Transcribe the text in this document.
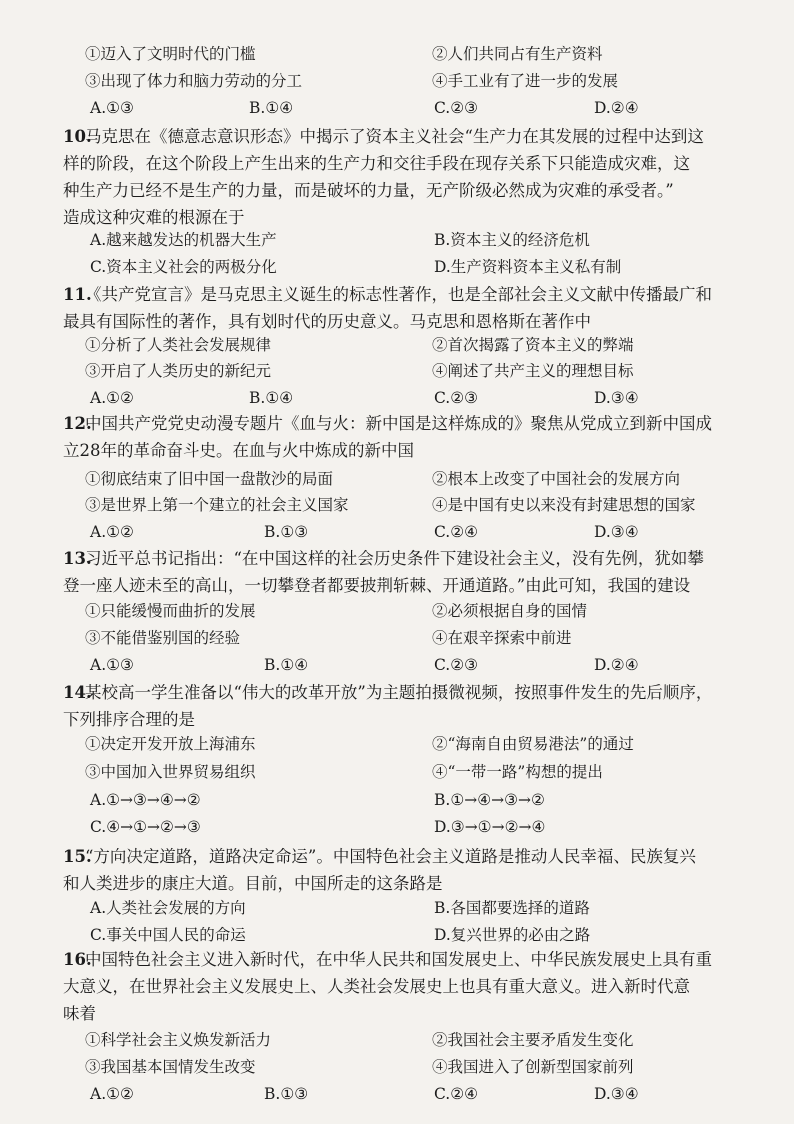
①迈入了文明时代的门槛	②人们共同占有生产资料
③出现了体力和脑力劳动的分工	④手工业有了进一步的发展
A.①③	B.①④	C.②③	D.②④
10.
马克思在《德意志意识形态》中揭示了资本主义社会“生产力在其发展的过程中达到这
样的阶段，在这个阶段上产生出来的生产力和交往手段在现存关系下只能造成灾难，这
种生产力已经不是生产的力量，而是破坏的力量，无产阶级必然成为灾难的承受者。”
造成这种灾难的根源在于
A.越来越发达的机器大生产	B.资本主义的经济危机
C.资本主义社会的两极分化	D.生产资料资本主义私有制
11.
《共产党宣言》是马克思主义诞生的标志性著作，也是全部社会主义文献中传播最广和
最具有国际性的著作，具有划时代的历史意义。马克思和恩格斯在著作中
①分析了人类社会发展规律	②首次揭露了资本主义的弊端
③开启了人类历史的新纪元	④阐述了共产主义的理想目标
A.①②	B.①④	C.②③	D.③④
12.
中国共产党党史动漫专题片《血与火：新中国是这样炼成的》聚焦从党成立到新中国成
立28年的革命奋斗史。在血与火中炼成的新中国
①彻底结束了旧中国一盘散沙的局面	②根本上改变了中国社会的发展方向
③是世界上第一个建立的社会主义国家	④是中国有史以来没有封建思想的国家
A.①②	B.①③	C.②④	D.③④
13.
习近平总书记指出：“在中国这样的社会历史条件下建设社会主义，没有先例，犹如攀
登一座人迹未至的高山，一切攀登者都要披荆斩棘、开通道路。”由此可知，我国的建设
①只能缓慢而曲折的发展	②必须根据自身的国情
③不能借鉴别国的经验	④在艰辛探索中前进
A.①③	B.①④	C.②③	D.②④
14.
某校高一学生准备以“伟大的改革开放”为主题拍摄微视频，按照事件发生的先后顺序，
下列排序合理的是
①决定开发开放上海浦东	②“海南自由贸易港法”的通过
③中国加入世界贸易组织	④“一带一路”构想的提出
A.①→③→④→②	B.①→④→③→②
C.④→①→②→③	D.③→①→②→④
15.
“方向决定道路，道路决定命运”。中国特色社会主义道路是推动人民幸福、民族复兴
和人类进步的康庄大道。目前，中国所走的这条路是
A.人类社会发展的方向	B.各国都要选择的道路
C.事关中国人民的命运	D.复兴世界的必由之路
16.
中国特色社会主义进入新时代，在中华人民共和国发展史上、中华民族发展史上具有重
大意义，在世界社会主义发展史上、人类社会发展史上也具有重大意义。进入新时代意
味着
①科学社会主义焕发新活力	②我国社会主要矛盾发生变化
③我国基本国情发生改变	④我国进入了创新型国家前列
A.①②	B.①③	C.②④	D.③④
